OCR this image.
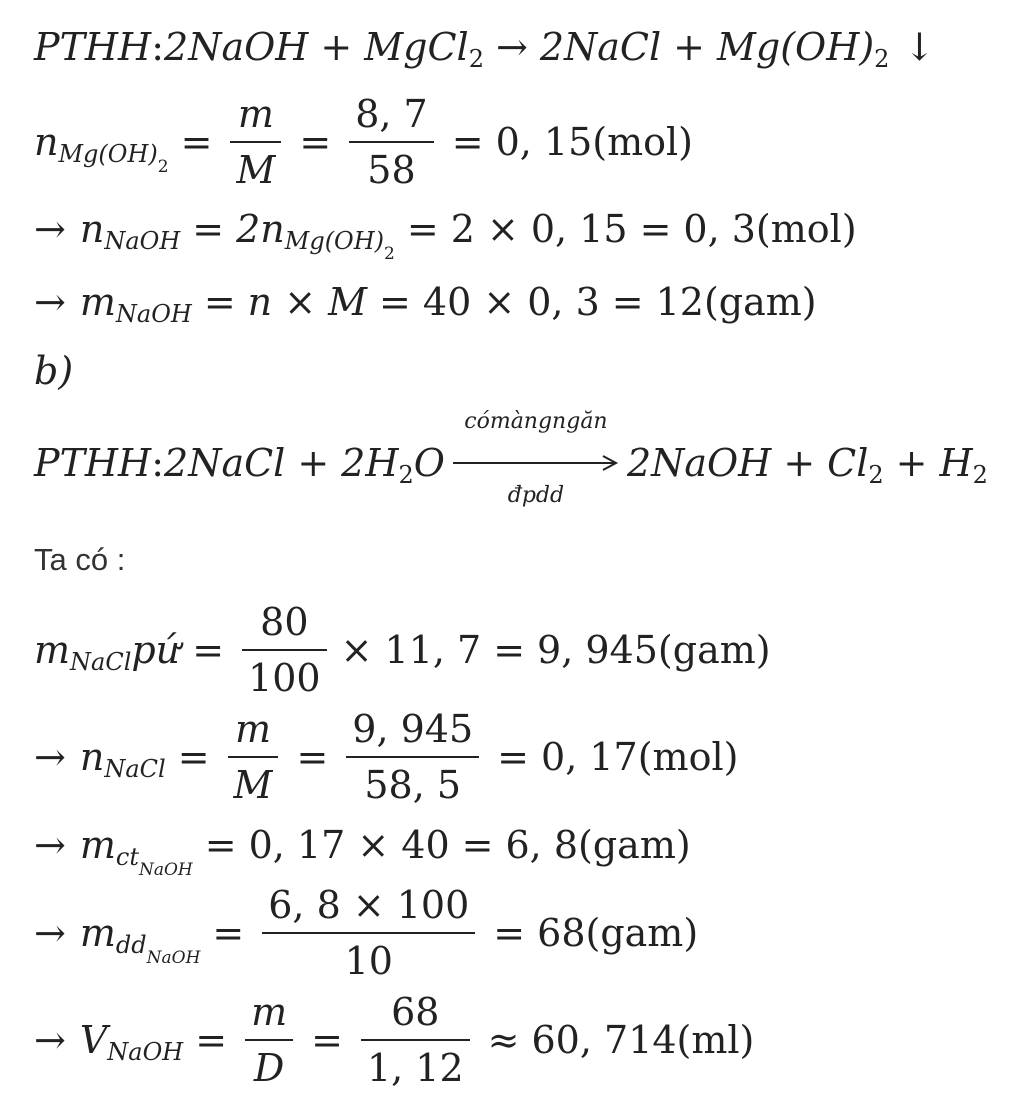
PTHH : 2NaOH + MgCl 2 → 2NaCl + Mg(OH) 2 ↓
n $Mg(OH)_2$
= $\frac{m}{M} = \frac{8, 7}{58} = 0$, 15(mol)
→ n NaOH = 2n $Mg(OH)_2$
= 2 × 0, 15 = 0, 3(mol)
→ m NaOH = n × M = 40 × 0, 3 = 12(gam)
b)
PTHH : 2NaCl + 2H 2 O
cómàngngăn
đpdd
2NaOH + Cl 2 + H 2
Ta có :
m NaCl pứ = $\frac{80}{100} \times 11$, 7 = 9, 945(gam)
→ n NaCl = $\frac{m}{M} = \frac{9, 945}{58, 5} = 0$, 17(mol)
→ m $ct_{NaOH}$
= 0, 17 × 40 = 6, 8(gam)
→ m $dd_{NaOH}$
= $\frac{6, 8 \times 100}{10} = 68(gam)$
→ V NaOH = $\frac{m}{D} = \frac{68}{1, 12} \approx 60$, 714(ml)
